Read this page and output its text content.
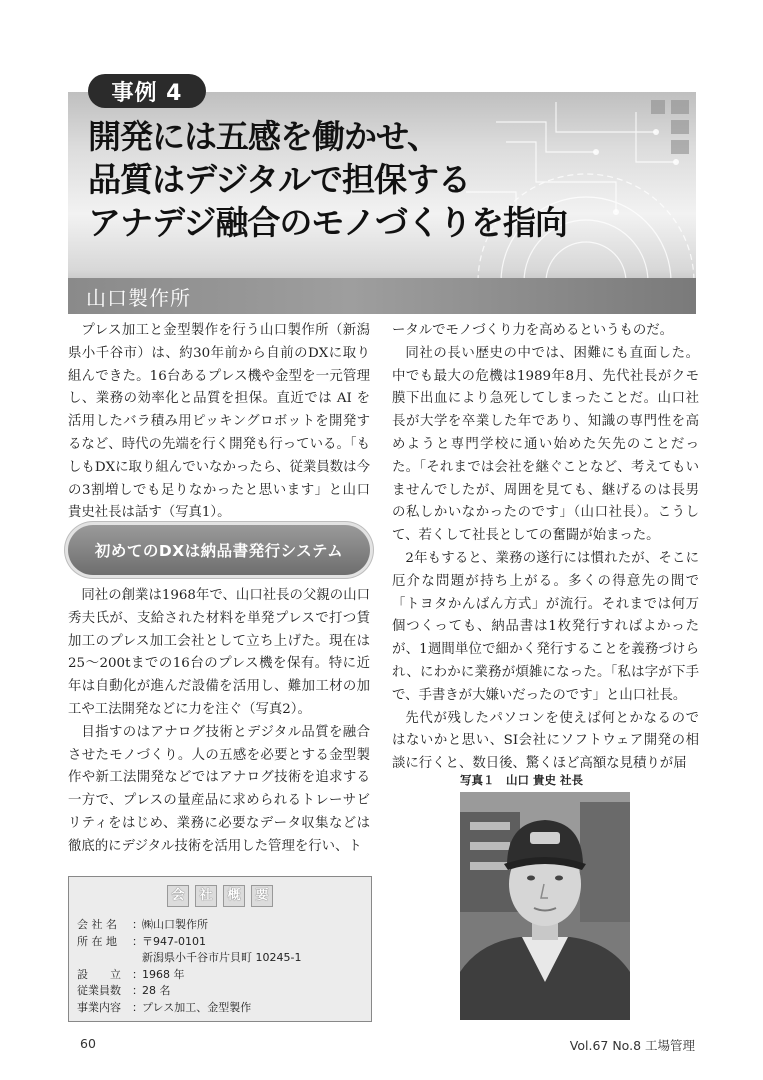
事例 4
開発には五感を働かせ、
品質はデジタルで担保する
アナデジ融合のモノづくりを指向
山口製作所

プレス加工と金型製作を行う山口製作所（新潟県小千谷市）は、約30年前から自前のDXに取り組んできた。16台あるプレス機や金型を一元管理し、業務の効率化と品質を担保。直近では AI を活用したバラ積み用ピッキングロボットを開発するなど、時代の先端を行く開発も行っている。「もしもDXに取り組んでいなかったら、従業員数は今の3割増しでも足りなかったと思います」と山口貴史社長は話す（写真1）。

初めてのDXは納品書発行システム

同社の創業は1968年で、山口社長の父親の山口秀夫氏が、支給された材料を単発プレスで打つ賃加工のプレス加工会社として立ち上げた。現在は25～200tまでの16台のプレス機を保有。特に近年は自動化が進んだ設備を活用し、難加工材の加工や工法開発などに力を注ぐ（写真2）。

目指すのはアナログ技術とデジタル品質を融合させたモノづくり。人の五感を必要とする金型製作や新工法開発などではアナログ技術を追求する一方で、プレスの量産品に求められるトレーサビリティをはじめ、業務に必要なデータ収集などは徹底的にデジタル技術を活用した管理を行い、ト

ータルでモノづくり力を高めるというものだ。

同社の長い歴史の中では、困難にも直面した。中でも最大の危機は1989年8月、先代社長がクモ膜下出血により急死してしまったことだ。山口社長が大学を卒業した年であり、知識の専門性を高めようと専門学校に通い始めた矢先のことだった。「それまでは会社を継ぐことなど、考えてもいませんでしたが、周囲を見ても、継げるのは長男の私しかいなかったのです」（山口社長）。こうして、若くして社長としての奮闘が始まった。

2年もすると、業務の遂行には慣れたが、そこに厄介な問題が持ち上がる。多くの得意先の間で「トヨタかんばん方式」が流行。それまでは何万個つくっても、納品書は1枚発行すればよかったが、1週間単位で細かく発行することを義務づけられ、にわかに業務が煩雑になった。「私は字が下手で、手書きが大嫌いだったのです」と山口社長。

先代が残したパソコンを使えば何とかなるのではないかと思い、SI会社にソフトウェア開発の相談に行くと、数日後、驚くほど高額な見積りが届

写真１　山口 貴史 社長
会	社	概	要
会 社 名	： ㈱山口製作所
所 在 地	： 〒947-0101
新潟県小千谷市片貝町 10245-1
設　　立	： 1968 年
従業員数	： 28 名
事業内容	： プレス加工、金型製作
60	Vol.67 No.8 工場管理
